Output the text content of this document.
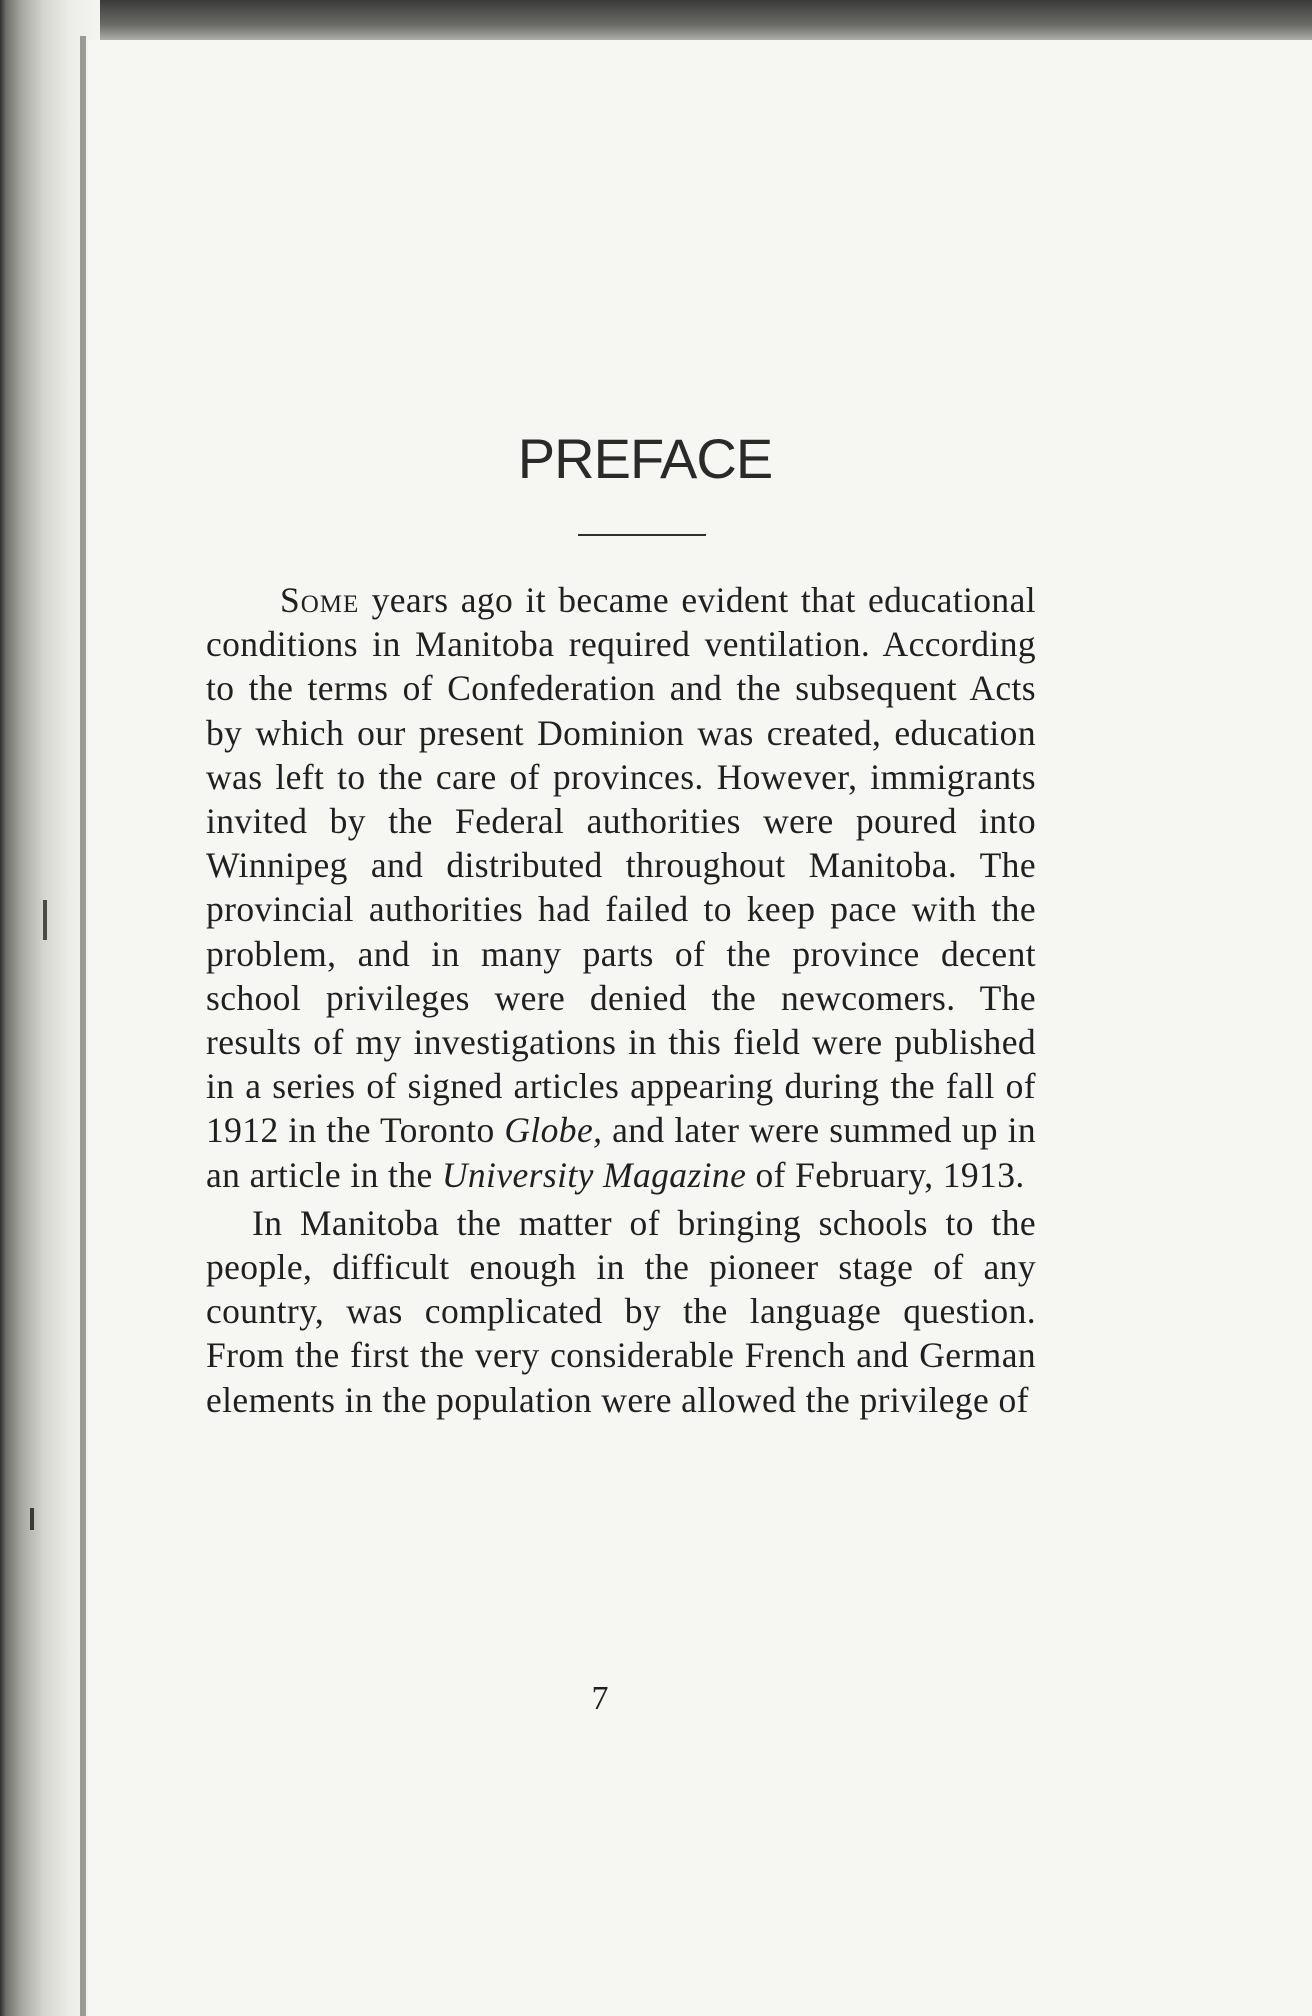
PREFACE

Some years ago it became evident that educational conditions in Manitoba required ventilation. According to the terms of Confederation and the subsequent Acts by which our present Dominion was created, education was left to the care of provinces. However, immigrants invited by the Federal authorities were poured into Winnipeg and distributed throughout Manitoba. The provincial authorities had failed to keep pace with the problem, and in many parts of the province decent school privileges were denied the newcomers. The results of my investigations in this field were published in a series of signed articles appearing during the fall of 1912 in the Toronto Globe, and later were summed up in an article in the University Magazine of February, 1913.

In Manitoba the matter of bringing schools to the people, difficult enough in the pioneer stage of any country, was complicated by the language question. From the first the very considerable French and German elements in the population were allowed the privilege of

7
